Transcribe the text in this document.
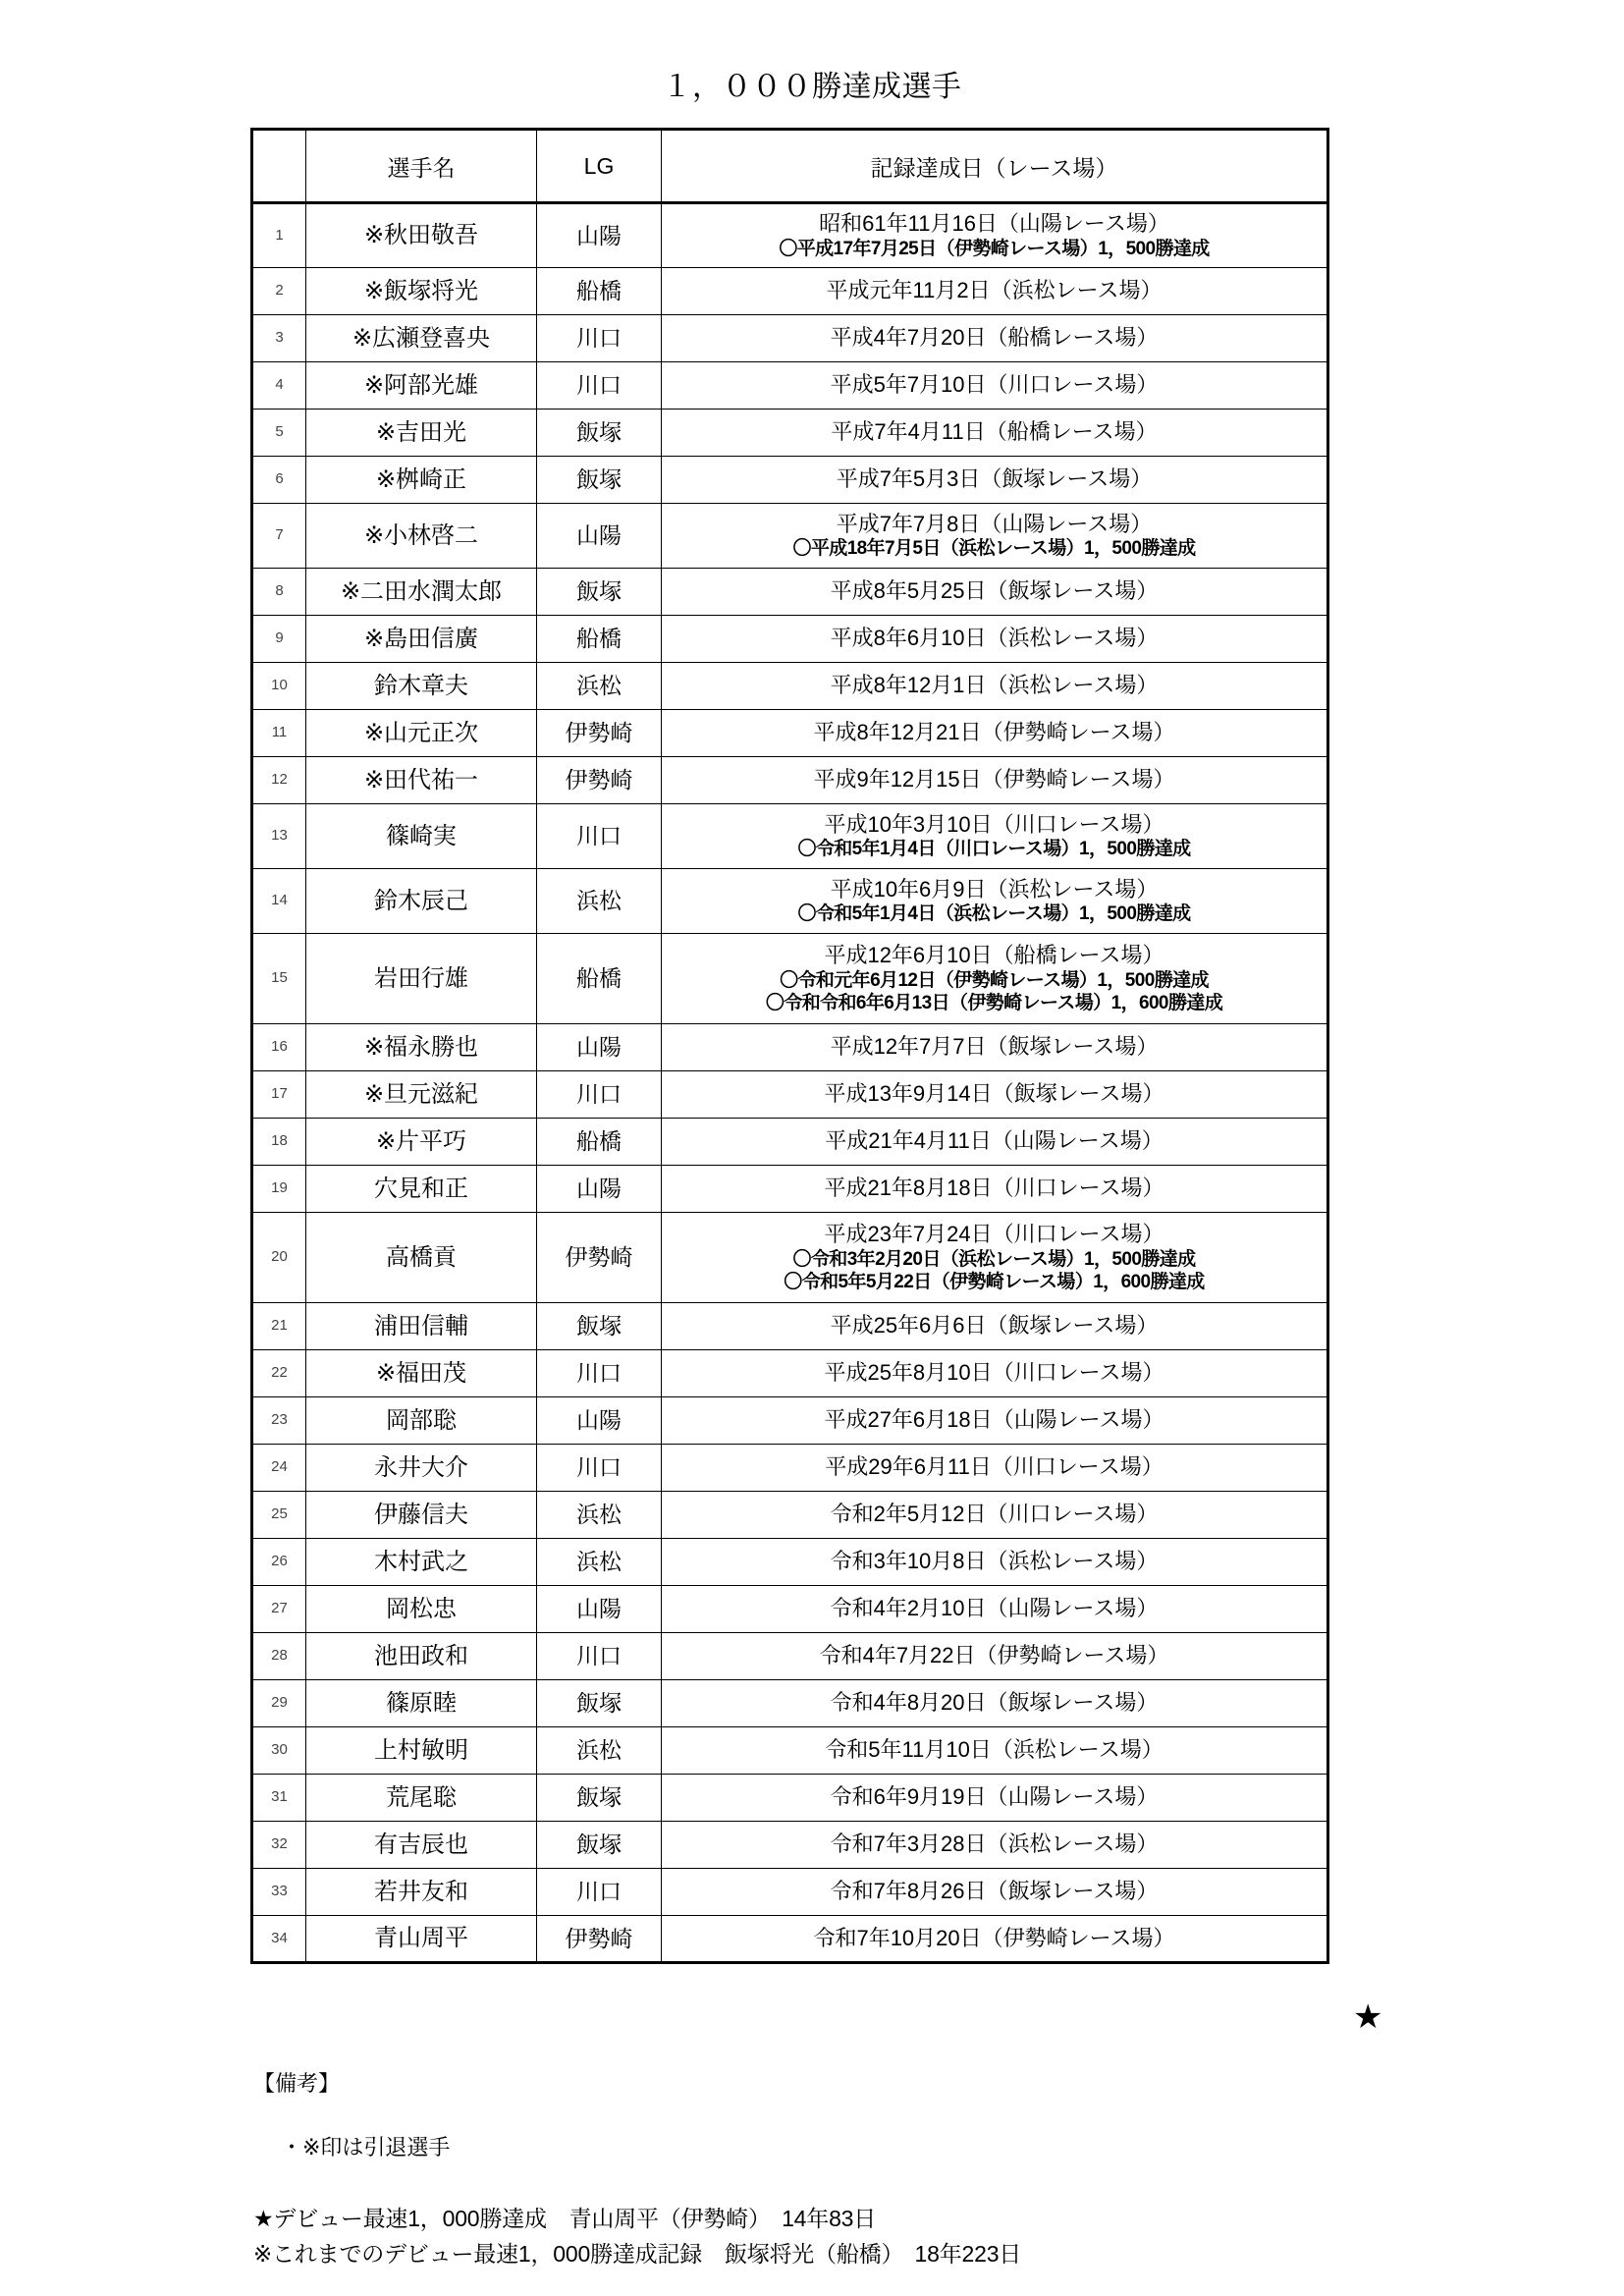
１，０００勝達成選手
	選手名	LG	記録達成日（レース場）
1	※秋田敬吾	山陽	昭和61年11月16日（山陽レース場）
〇平成17年7月25日（伊勢崎レース場）1，500勝達成

2	※飯塚将光	船橋	平成元年11月2日（浜松レース場）

3	※広瀬登喜央	川口	平成4年7月20日（船橋レース場）

4	※阿部光雄	川口	平成5年7月10日（川口レース場）

5	※吉田光	飯塚	平成7年4月11日（船橋レース場）

6	※桝崎正	飯塚	平成7年5月3日（飯塚レース場）

7	※小林啓二	山陽	平成7年7月8日（山陽レース場）
〇平成18年7月5日（浜松レース場）1，500勝達成

8	※二田水潤太郎	飯塚	平成8年5月25日（飯塚レース場）

9	※島田信廣	船橋	平成8年6月10日（浜松レース場）

10	鈴木章夫	浜松	平成8年12月1日（浜松レース場）

11	※山元正次	伊勢崎	平成8年12月21日（伊勢崎レース場）

12	※田代祐一	伊勢崎	平成9年12月15日（伊勢崎レース場）

13	篠崎実	川口	平成10年3月10日（川口レース場）
〇令和5年1月4日（川口レース場）1，500勝達成

14	鈴木辰己	浜松	平成10年6月9日（浜松レース場）
〇令和5年1月4日（浜松レース場）1，500勝達成

15	岩田行雄	船橋	平成12年6月10日（船橋レース場）
〇令和元年6月12日（伊勢崎レース場）1，500勝達成
〇令和令和6年6月13日（伊勢崎レース場）1，600勝達成

16	※福永勝也	山陽	平成12年7月7日（飯塚レース場）

17	※旦元滋紀	川口	平成13年9月14日（飯塚レース場）

18	※片平巧	船橋	平成21年4月11日（山陽レース場）

19	穴見和正	山陽	平成21年8月18日（川口レース場）

20	高橋貢	伊勢崎	平成23年7月24日（川口レース場）
〇令和3年2月20日（浜松レース場）1，500勝達成
〇令和5年5月22日（伊勢崎レース場）1，600勝達成

21	浦田信輔	飯塚	平成25年6月6日（飯塚レース場）

22	※福田茂	川口	平成25年8月10日（川口レース場）

23	岡部聡	山陽	平成27年6月18日（山陽レース場）

24	永井大介	川口	平成29年6月11日（川口レース場）

25	伊藤信夫	浜松	令和2年5月12日（川口レース場）

26	木村武之	浜松	令和3年10月8日（浜松レース場）

27	岡松忠	山陽	令和4年2月10日（山陽レース場）

28	池田政和	川口	令和4年7月22日（伊勢崎レース場）

29	篠原睦	飯塚	令和4年8月20日（飯塚レース場）

30	上村敏明	浜松	令和5年11月10日（浜松レース場）

31	荒尾聡	飯塚	令和6年9月19日（山陽レース場）

32	有吉辰也	飯塚	令和7年3月28日（浜松レース場）

33	若井友和	川口	令和7年8月26日（飯塚レース場）

34	青山周平	伊勢崎	令和7年10月20日（伊勢崎レース場）
★

【備考】

・※印は引退選手

★デビュー最速1，000勝達成　青山周平（伊勢崎）　14年83日

※これまでのデビュー最速1，000勝達成記録　飯塚将光（船橋）　18年223日
